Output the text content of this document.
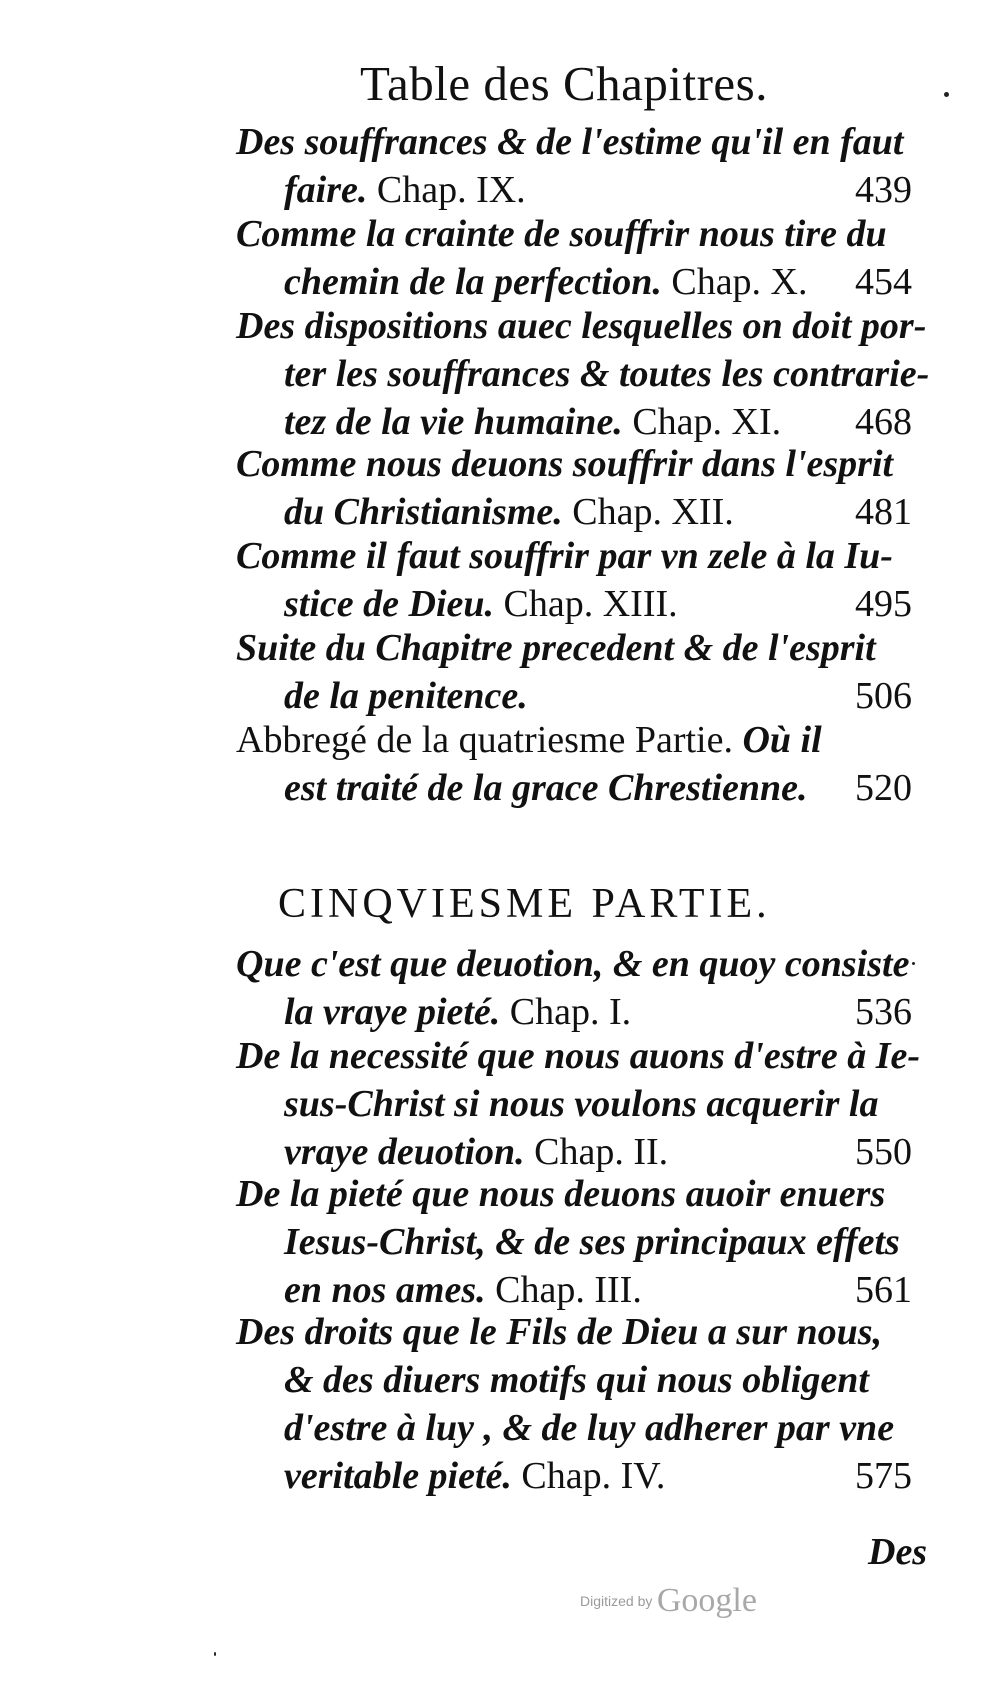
Table des Chapitres.
Des souffrances & de l'estime qu'il en faut
faire. Chap. IX.	439
Comme la crainte de souffrir nous tire du
chemin de la perfection. Chap. X. 454
Des dispositions auec lesquelles on doit por-
ter les souffrances & toutes les contrarie-
tez de la vie humaine. Chap. XI. 468
Comme nous deuons souffrir dans l'esprit
du Christianisme. Chap. XII.	481
Comme il faut souffrir par vn zele à la Iu-
stice de Dieu. Chap. XIII.	495
Suite du Chapitre precedent & de l'esprit
de la penitence.	506
Abbregé de la quatriesme Partie. Où il
est traité de la grace Chrestienne. 520
CINQVIESME PARTIE.
Que c'est que deuotion, & en quoy consiste
la vraye pieté. Chap. I.	536
De la necessité que nous auons d'estre à Ie-
sus-Christ si nous voulons acquerir la
vraye deuotion. Chap. II.	550
De la pieté que nous deuons auoir enuers
Iesus-Christ, & de ses principaux effets
en nos ames. Chap. III.	561
Des droits que le Fils de Dieu a sur nous,
& des diuers motifs qui nous obligent
d'estre à luy , & de luy adherer par vne
veritable pieté. Chap. IV.	575
Des
Digitized by Google
